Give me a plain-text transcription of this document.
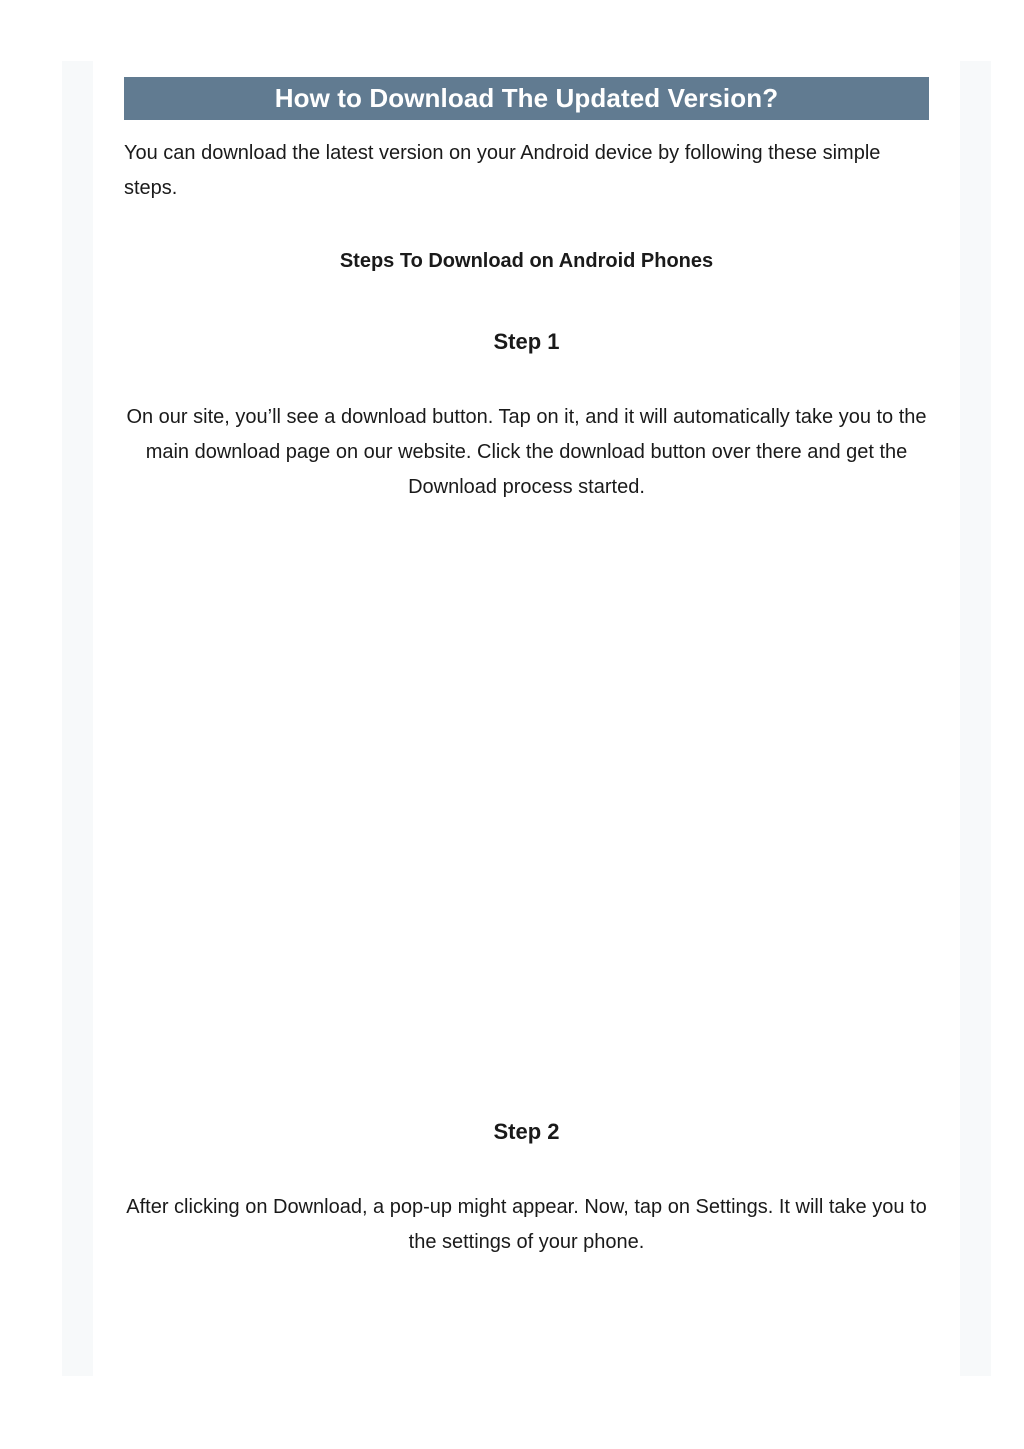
How to Download The Updated Version?

You can download the latest version on your Android device by following these simple steps.

Steps To Download on Android Phones
Step 1

On our site, you’ll see a download button. Tap on it, and it will automatically take you to the main download page on our website. Click the download button over there and get the Download process started.

Step 2

After clicking on Download, a pop-up might appear. Now, tap on Settings. It will take you to the settings of your phone.
